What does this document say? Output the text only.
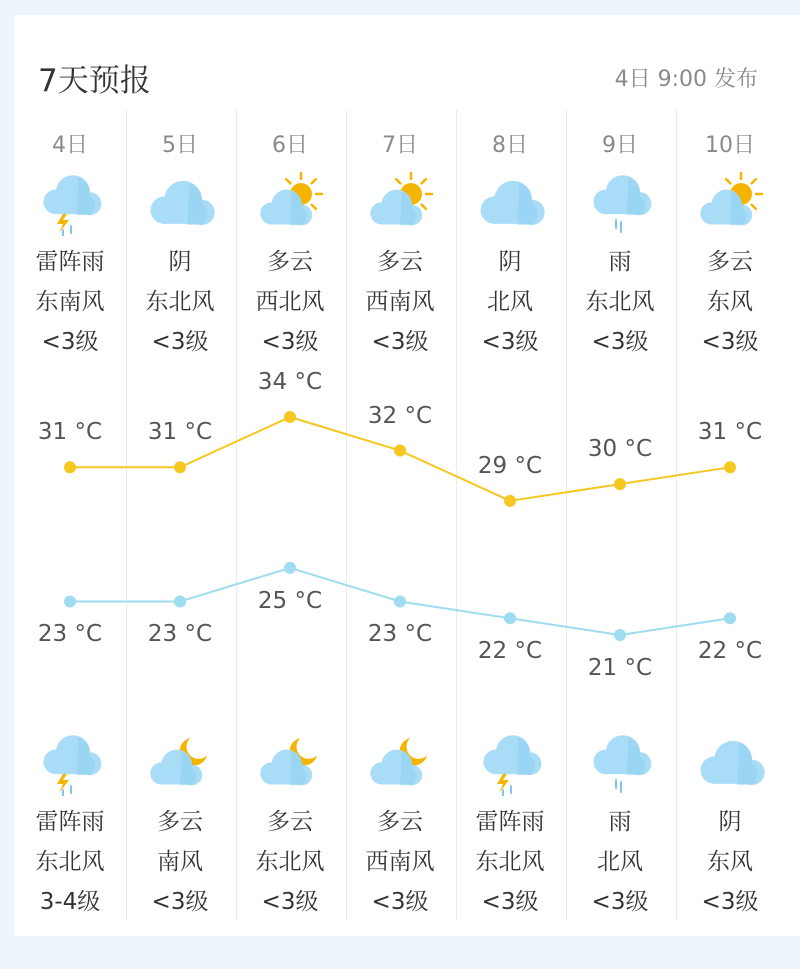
7天预报	4日 9:00 发布
4日
雷阵雨
东南风
<3级
雷阵雨
东北风
3-4级
5日
阴
东北风
<3级
多云
南风
<3级
6日
多云
西北风
<3级
多云
东北风
<3级
7日
多云
西南风
<3级
多云
西南风
<3级
8日
阴
北风
<3级
雷阵雨
东北风
<3级
9日
雨
东北风
<3级
雨
北风
<3级
10日
多云
东风
<3级
阴
东风
<3级
31 °C
23 °C
31 °C
23 °C
34 °C
25 °C
32 °C
23 °C
29 °C
22 °C
30 °C
21 °C
31 °C
22 °C
